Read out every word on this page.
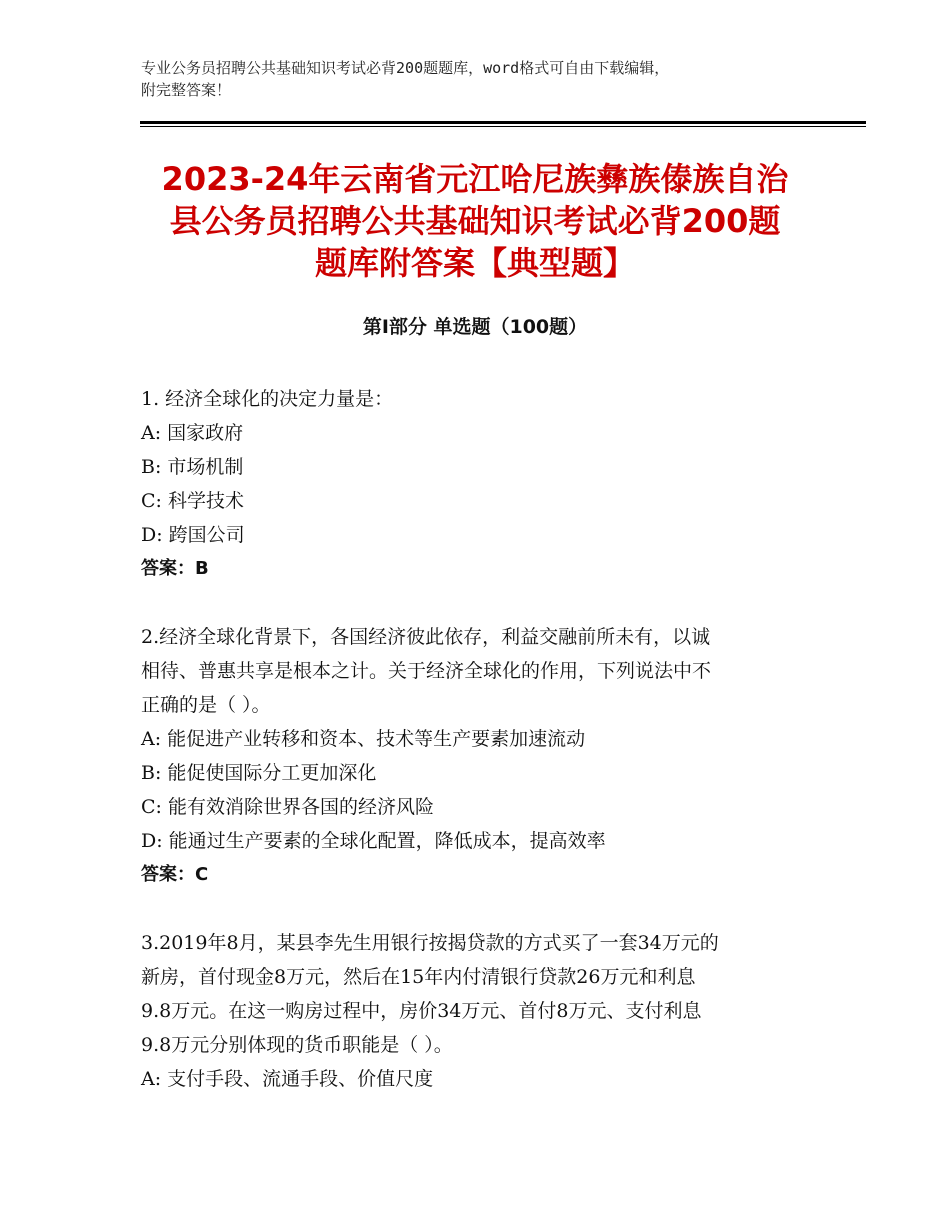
专业公务员招聘公共基础知识考试必背200题题库，word格式可自由下载编辑，
附完整答案！
2023-24年云南省元江哈尼族彝族傣族自治
县公务员招聘公共基础知识考试必背200题
题库附答案【典型题】
第Ⅰ部分 单选题（100题）
1. 经济全球化的决定力量是：
A: 国家政府
B: 市场机制
C: 科学技术
D: 跨国公司
答案：B
2.经济全球化背景下，各国经济彼此依存，利益交融前所未有，以诚
相待、普惠共享是根本之计。关于经济全球化的作用，下列说法中不
正确的是（ ）。
A: 能促进产业转移和资本、技术等生产要素加速流动
B: 能促使国际分工更加深化
C: 能有效消除世界各国的经济风险
D: 能通过生产要素的全球化配置，降低成本，提高效率
答案：C
3.2019年8月，某县李先生用银行按揭贷款的方式买了一套34万元的
新房，首付现金8万元，然后在15年内付清银行贷款26万元和利息
9.8万元。在这一购房过程中，房价34万元、首付8万元、支付利息
9.8万元分别体现的货币职能是（ ）。
A: 支付手段、流通手段、价值尺度
